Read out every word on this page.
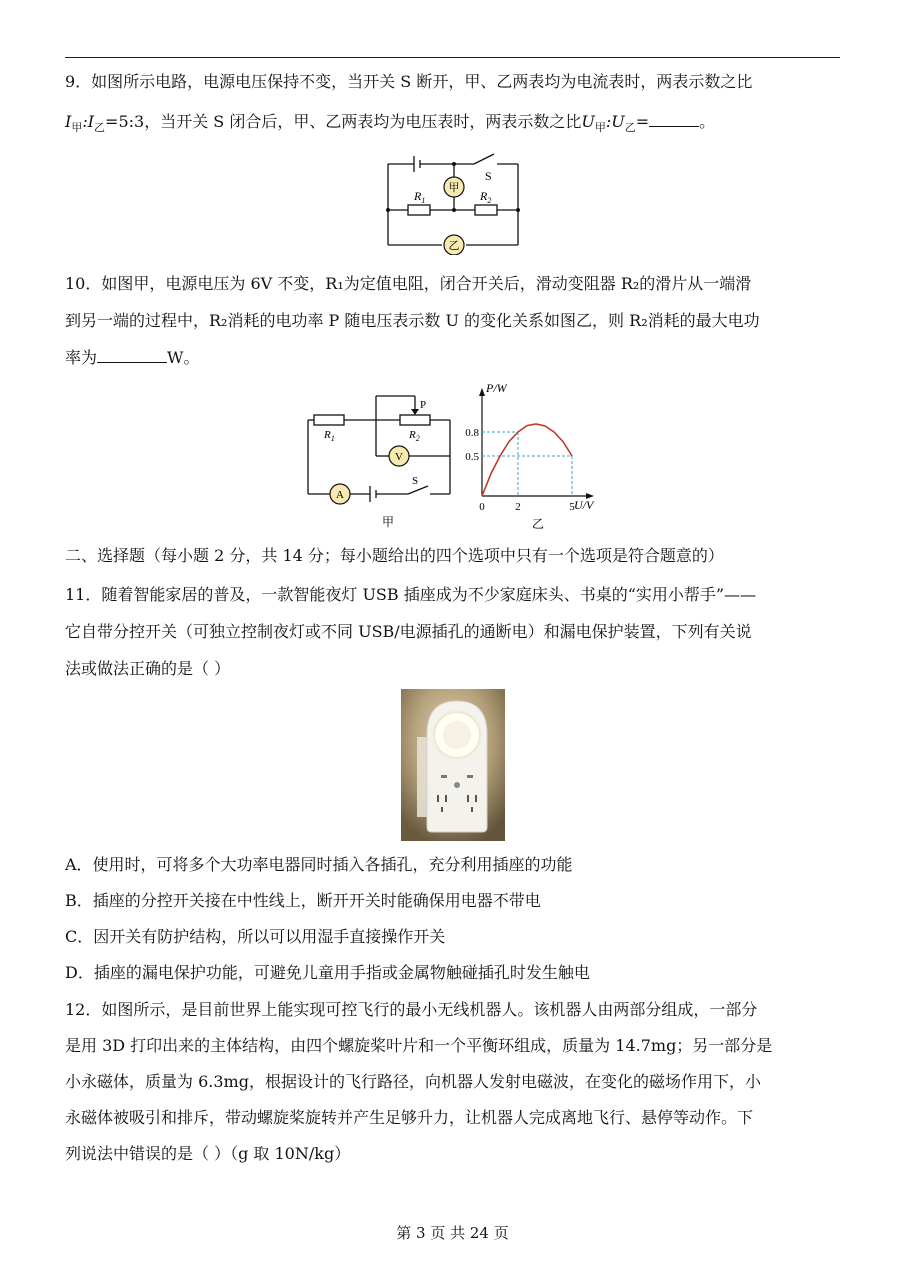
9．如图所示电路，电源电压保持不变，当开关 S 断开，甲、乙两表均为电流表时，两表示数之比
$I_甲:I_乙=5:3$，当开关 S 闭合后，甲、乙两表均为电压表时，两表示数之比$U_甲:U_乙=$	。
甲
乙
S
$R_1$	$R_2$
10．如图甲，电源电压为 6V 不变，R₁为定值电阻，闭合开关后，滑动变阻器 R₂的滑片从一端滑
到另一端的过程中，R₂消耗的电功率 P 随电压表示数 U 的变化关系如图乙，则 R₂消耗的最大电功
率为	W。
P
$R_1$	$R_2$
V
A
S
甲
0	2	5
0.8
0.5
P/W
U/V
乙
二、选择题（每小题 2 分，共 14 分；每小题给出的四个选项中只有一个选项是符合题意的）
11．随着智能家居的普及，一款智能夜灯 USB 插座成为不少家庭床头、书桌的“实用小帮手”——
它自带分控开关（可独立控制夜灯或不同 USB/电源插孔的通断电）和漏电保护装置，下列有关说
法或做法正确的是（ ）
A．使用时，可将多个大功率电器同时插入各插孔，充分利用插座的功能
B．插座的分控开关接在中性线上，断开开关时能确保用电器不带电
C．因开关有防护结构，所以可以用湿手直接操作开关
D．插座的漏电保护功能，可避免儿童用手指或金属物触碰插孔时发生触电
12．如图所示，是目前世界上能实现可控飞行的最小无线机器人。该机器人由两部分组成，一部分
是用 3D 打印出来的主体结构，由四个螺旋桨叶片和一个平衡环组成，质量为 14.7mg；另一部分是
小永磁体，质量为 6.3mg，根据设计的飞行路径，向机器人发射电磁波，在变化的磁场作用下，小
永磁体被吸引和排斥，带动螺旋桨旋转并产生足够升力，让机器人完成离地飞行、悬停等动作。下
列说法中错误的是（ ）（g 取 10N/kg）
第 3 页 共 24 页
